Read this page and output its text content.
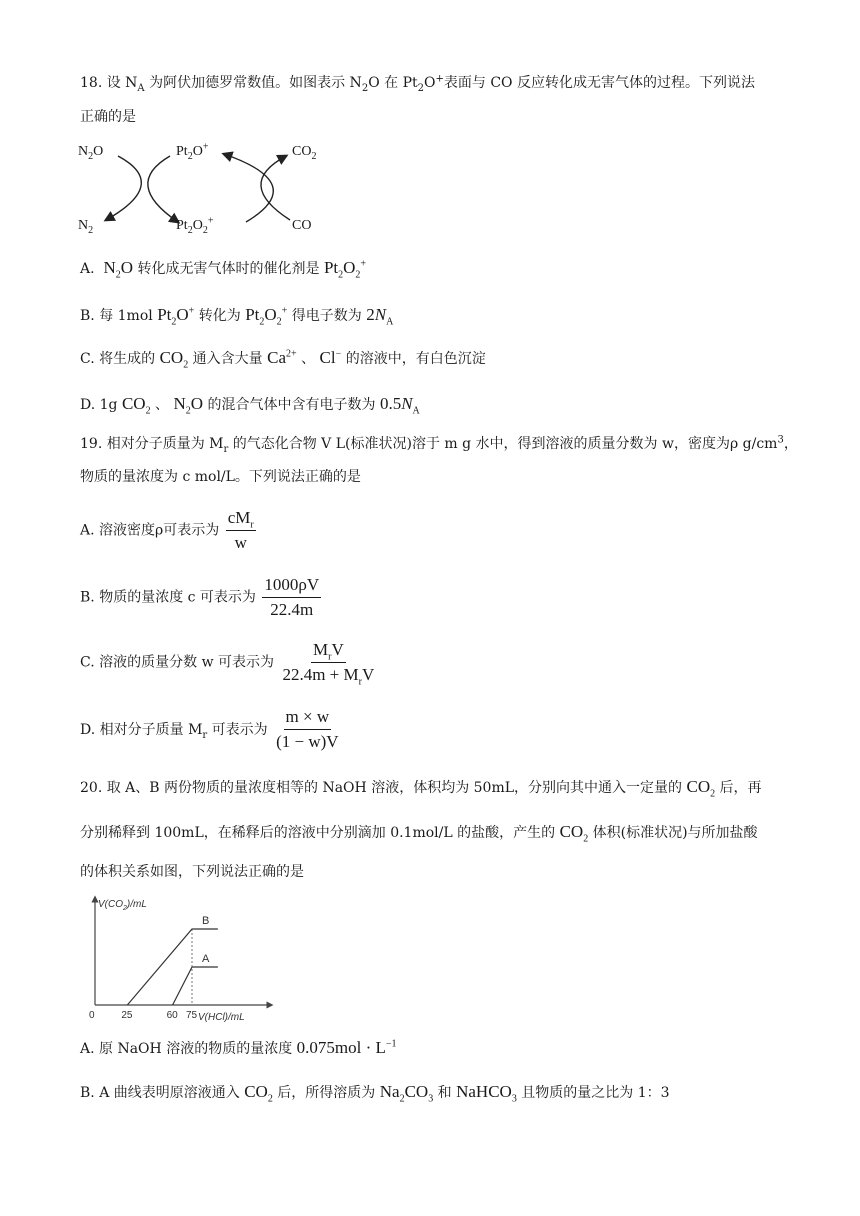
18. 设 $N_A$ 为阿伏加德罗常数值。如图表示 $N_2O$ 在 $Pt_2O^+$表面与 CO 反应转化成无害气体的过程。下列说法
正确的是
$N_2O$	$Pt_2O^+$	$CO_2$
$N_2$	$Pt_2O_2^+$	CO
A.  $N_2O$ 转化成无害气体时的催化剂是 $Pt_2O_2^+$
B. 每 1mol $Pt_2O^+$ 转化为 $Pt_2O_2^+$ 得电子数为 $2N_A$
C. 将生成的 $CO_2$ 通入含大量 $Ca^{2+}$ 、 Cl− 的溶液中，有白色沉淀
D. 1g $CO_2$ 、 $N_2O$ 的混合气体中含有电子数为 $0.5N_A$
19. 相对分子质量为 $M_r$ 的气态化合物 V L(标准状况)溶于 m g 水中，得到溶液的质量分数为 w，密度为ρ $g/cm^3$，
物质的量浓度为 c mol/L。下列说法正确的是
A. 溶液密度ρ可表示为 $\frac{cM_r}{w}$
B. 物质的量浓度 c 可表示为 $\frac{1000\rho V}{22.4m}$
C. 溶液的质量分数 w 可表示为 $\frac{M_rV}{22.4m + M_rV}$
D. 相对分子质量 $M_r$ 可表示为 $\frac{m \times w}{(1 - w)V}$
20. 取 A、B 两份物质的量浓度相等的 NaOH 溶液，体积均为 50mL，分别向其中通入一定量的 $CO_2$ 后，再
分别稀释到 100mL，在稀释后的溶液中分别滴加 0.1mol/L 的盐酸，产生的 $CO_2$ 体积(标准状况)与所加盐酸
的体积关系如图，下列说法正确的是
$V(CO_2)/mL$
V(HCl)/mL
B
A
0	25	60 75
A. 原 NaOH 溶液的物质的量浓度 $0.075mol \cdot L^{-1}$
B. A 曲线表明原溶液通入 $CO_2$ 后，所得溶质为 $Na_2CO_3$ 和 NaHCO$_3$ 且物质的量之比为 1：3
